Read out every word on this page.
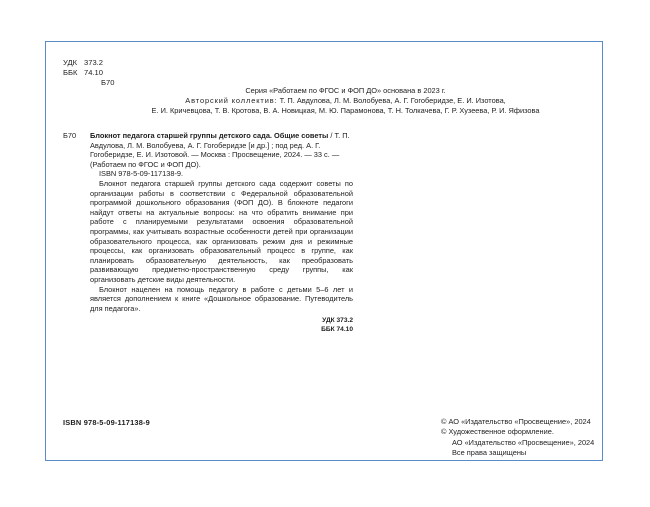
УДК 373.2
ББК 74.10
Б70
Серия «Работаем по ФГОС и ФОП ДО» основана в 2023 г.
Авторский коллектив: Т. П. Авдулова, Л. М. Волобуева, А. Г. Гогоберидзе, Е. И. Изотова,
Е. И. Кричевцова, Т. В. Кротова, В. А. Новицкая, М. Ю. Парамонова, Т. Н. Толкачева, Г. Р. Хузеева, Р. И. Яфизова
Б70	Блокнот педагога старшей группы детского сада. Общие советы / Т. П. Авдулова, Л. М. Волобуева, А. Г. Гогоберидзе [и др.] ; под ред. А. Г. Гогоберидзе, Е. И. Изотовой. — Москва : Просвещение, 2024. — 33 с. — (Работаем по ФГОС и ФОП ДО).
ISBN 978-5-09-117138-9.
Блокнот педагога старшей группы детского сада содержит советы по организации работы в соответствии с Федеральной образовательной программой дошкольного образования (ФОП ДО). В блокноте педагоги найдут ответы на актуальные вопросы: на что обратить внимание при работе с планируемыми результатами освоения образовательной программы, как учитывать возрастные особенности детей при организации образовательного процесса, как организовать режим дня и режимные процессы, как организовать образовательный процесс в группе, как планировать образовательную деятельность, как преобразовать развивающую предметно-пространственную среду группы, как организовать детские виды деятельности.
Блокнот нацелен на помощь педагогу в работе с детьми 5–6 лет и является дополнением к книге «Дошкольное образование. Путеводитель для педагога».
УДК 373.2
ББК 74.10
ISBN 978-5-09-117138-9	© АО «Издательство «Просвещение», 2024
© Художественное оформление.
АО «Издательство «Просвещение», 2024
Все права защищены
